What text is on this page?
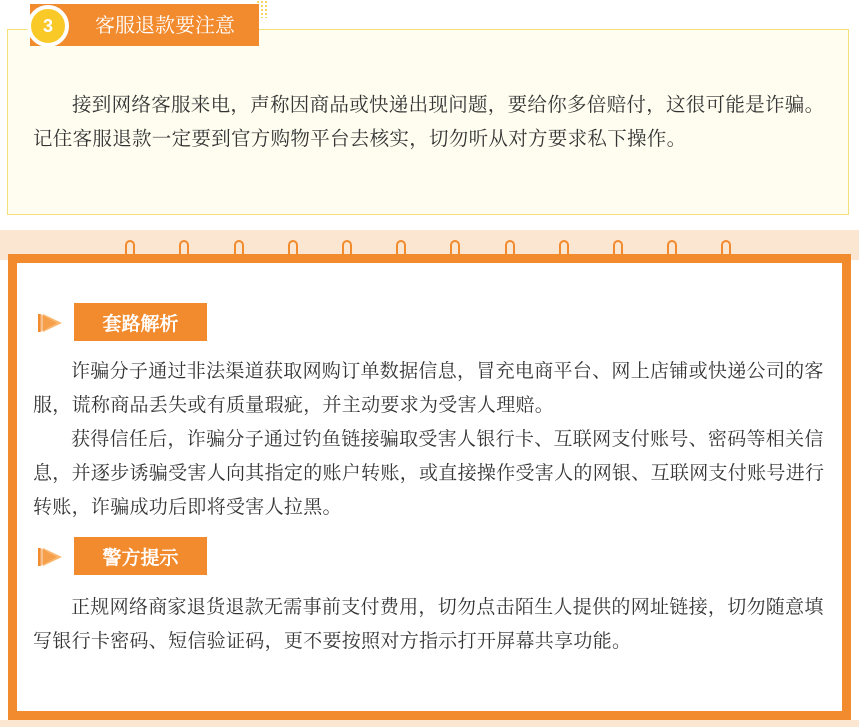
3	客服退款要注意
接到网络客服来电，声称因商品或快递出现问题，要给你多倍赔付，这很可能是诈骗。记住客服退款一定要到官方购物平台去核实，切勿听从对方要求私下操作。
套路解析
诈骗分子通过非法渠道获取网购订单数据信息，冒充电商平台、网上店铺或快递公司的客服，谎称商品丢失或有质量瑕疵，并主动要求为受害人理赔。
获得信任后，诈骗分子通过钓鱼链接骗取受害人银行卡、互联网支付账号、密码等相关信息，并逐步诱骗受害人向其指定的账户转账，或直接操作受害人的网银、互联网支付账号进行转账，诈骗成功后即将受害人拉黑。
警方提示
正规网络商家退货退款无需事前支付费用，切勿点击陌生人提供的网址链接，切勿随意填写银行卡密码、短信验证码，更不要按照对方指示打开屏幕共享功能。
